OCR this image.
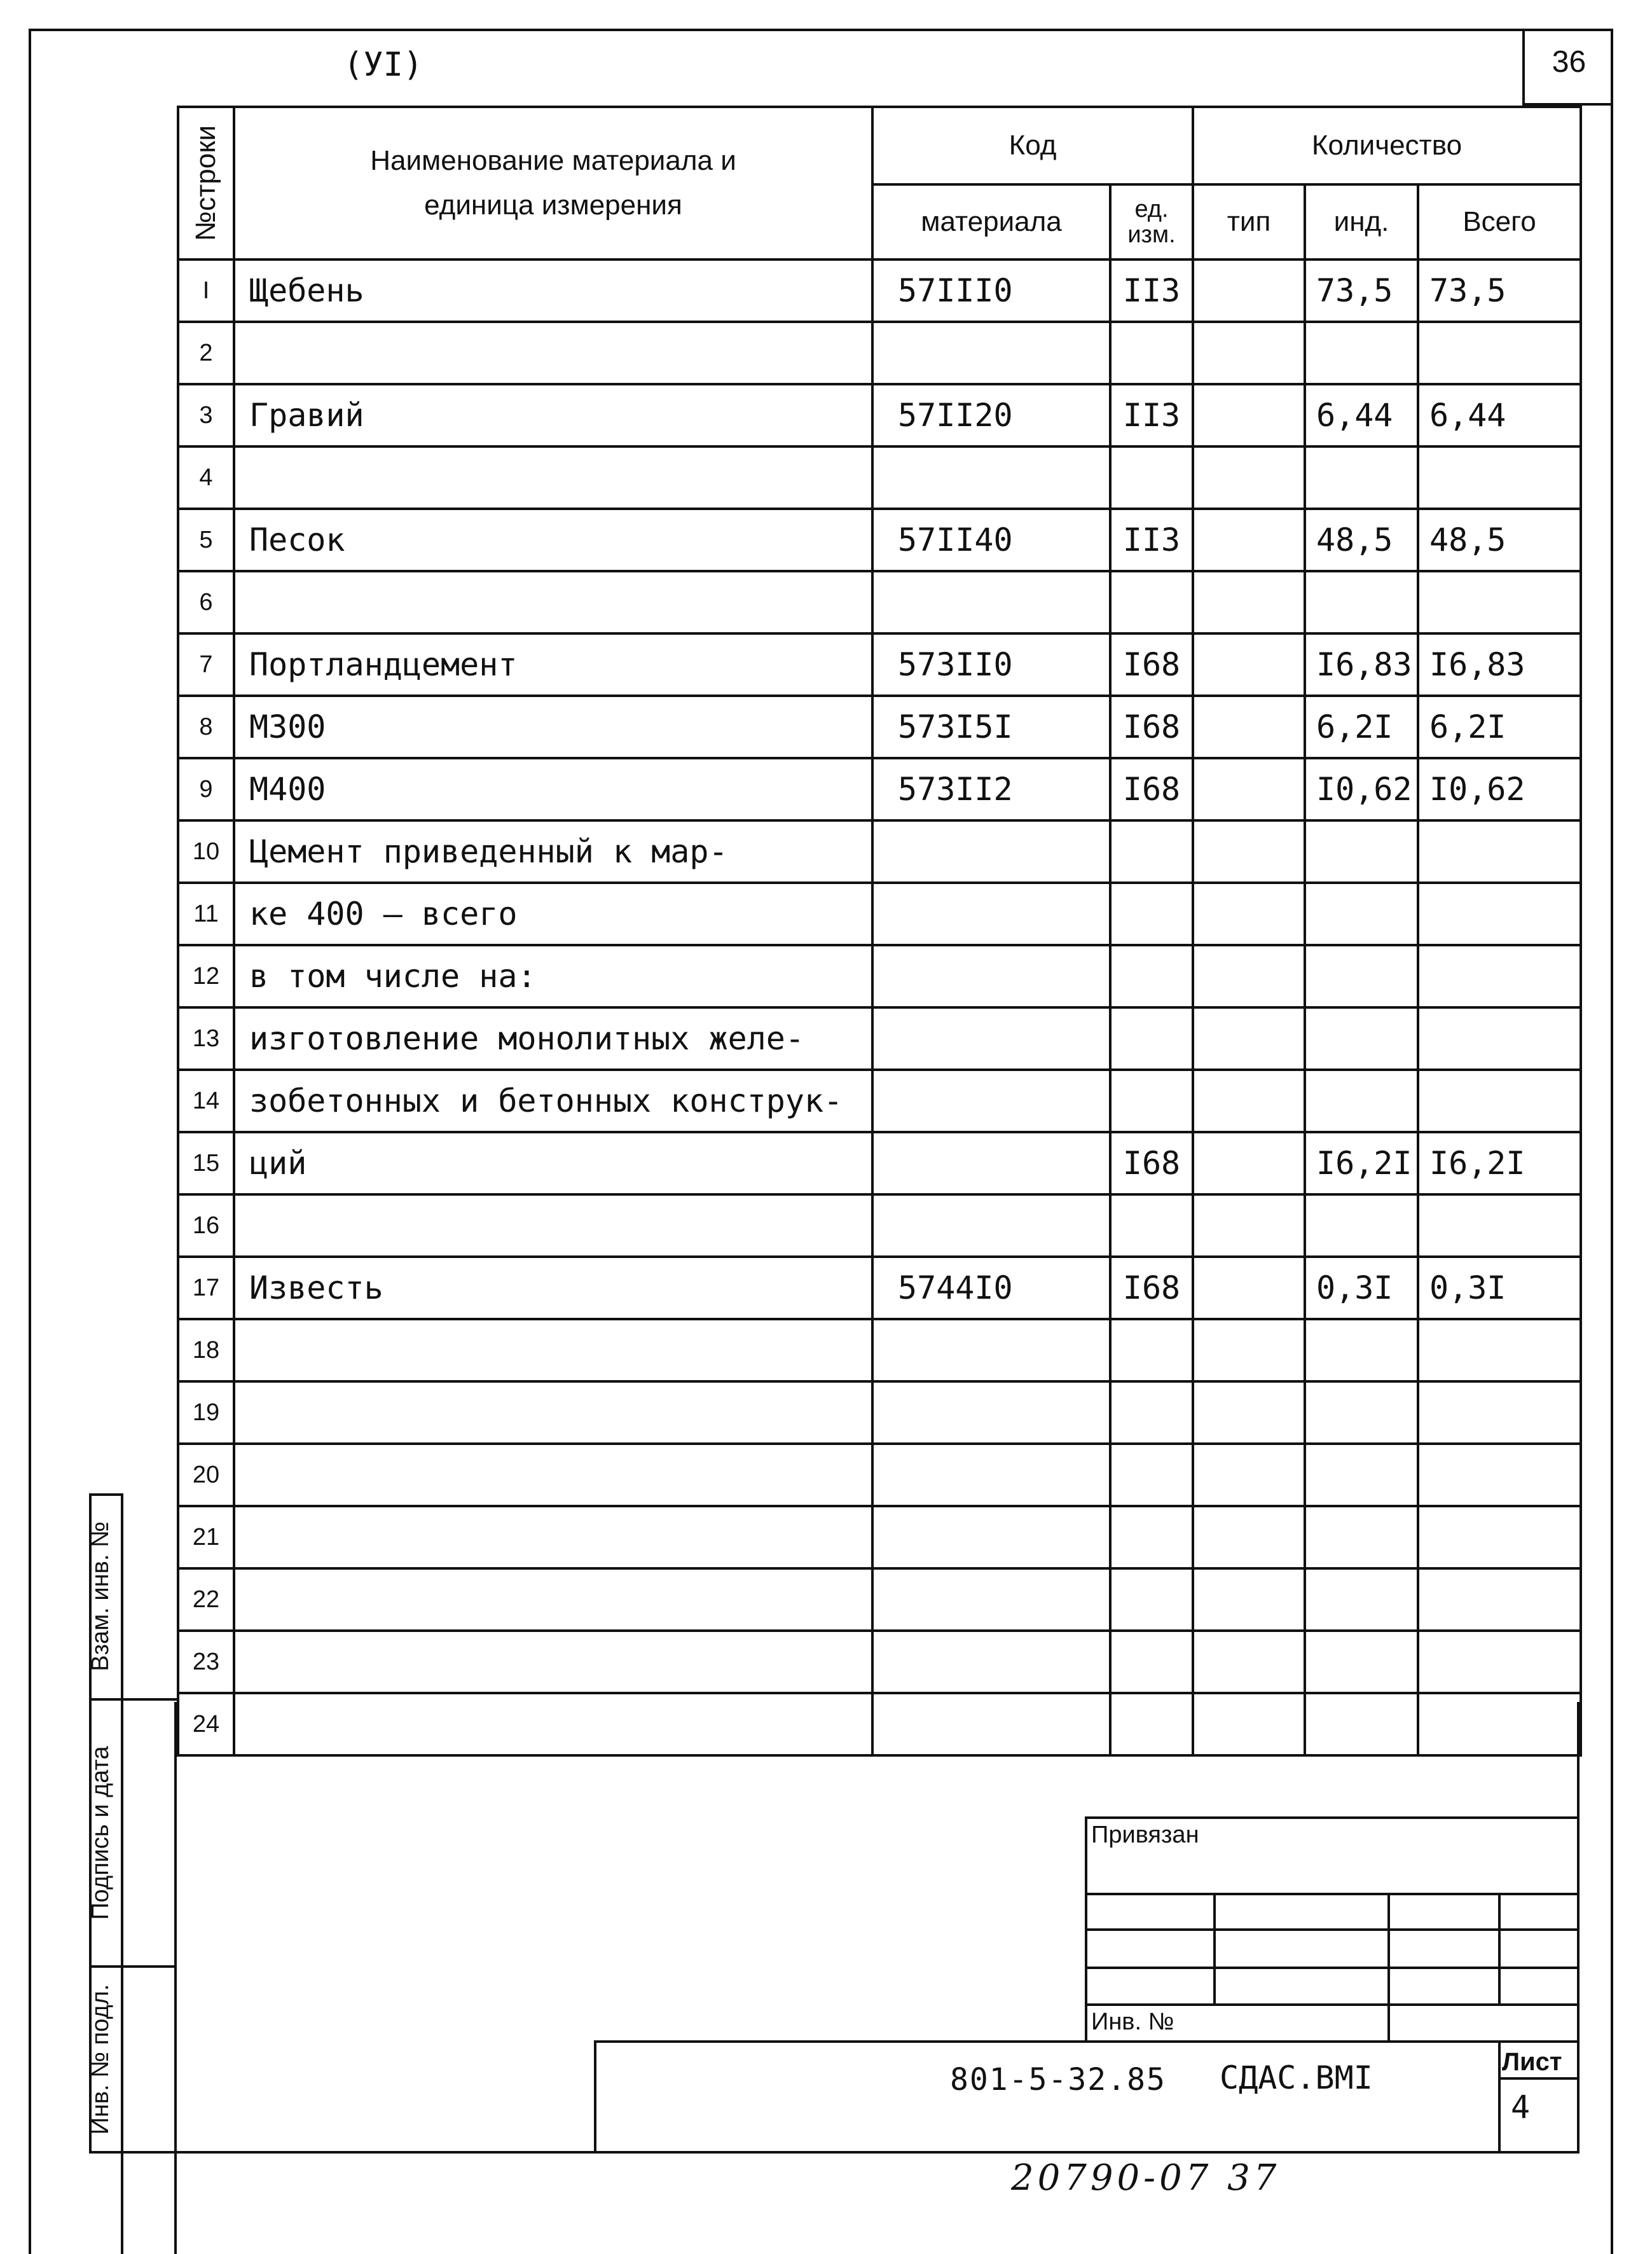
(УI)	36
№строки	Наименование материала и единица измерения	Код		Количество		
		материала	ед. изм.	тип	инд.	Всего
I	Щебень	57III0	II3		73,5	73,5
2						
3	Гравий	57II20	II3		6,44	6,44
4						
5	Песок	57II40	II3		48,5	48,5
6						
7	Портландцемент	573II0	I68		I6,83	I6,83
8	М300	573I5I	I68		6,2I	6,2I
9	М400	573II2	I68		I0,62	I0,62
10	Цемент приведенный к мар-					
11	ке 400 – всего					
12	в том числе на:					
13	изготовление монолитных желе-					
14	зобетонных и бетонных конструк-					
15	ций		I68		I6,2I	I6,2I
16						
17	Известь	5744I0	I68		0,3I	0,3I
18						
19						
20						
21						
22						
23						
24						
Взам. инв. №
Подпись и дата
Инв. № подл.
Привязан
Инв. №
801-5-32.85 СДАС.ВМI	Лист
4
20790-07 37
